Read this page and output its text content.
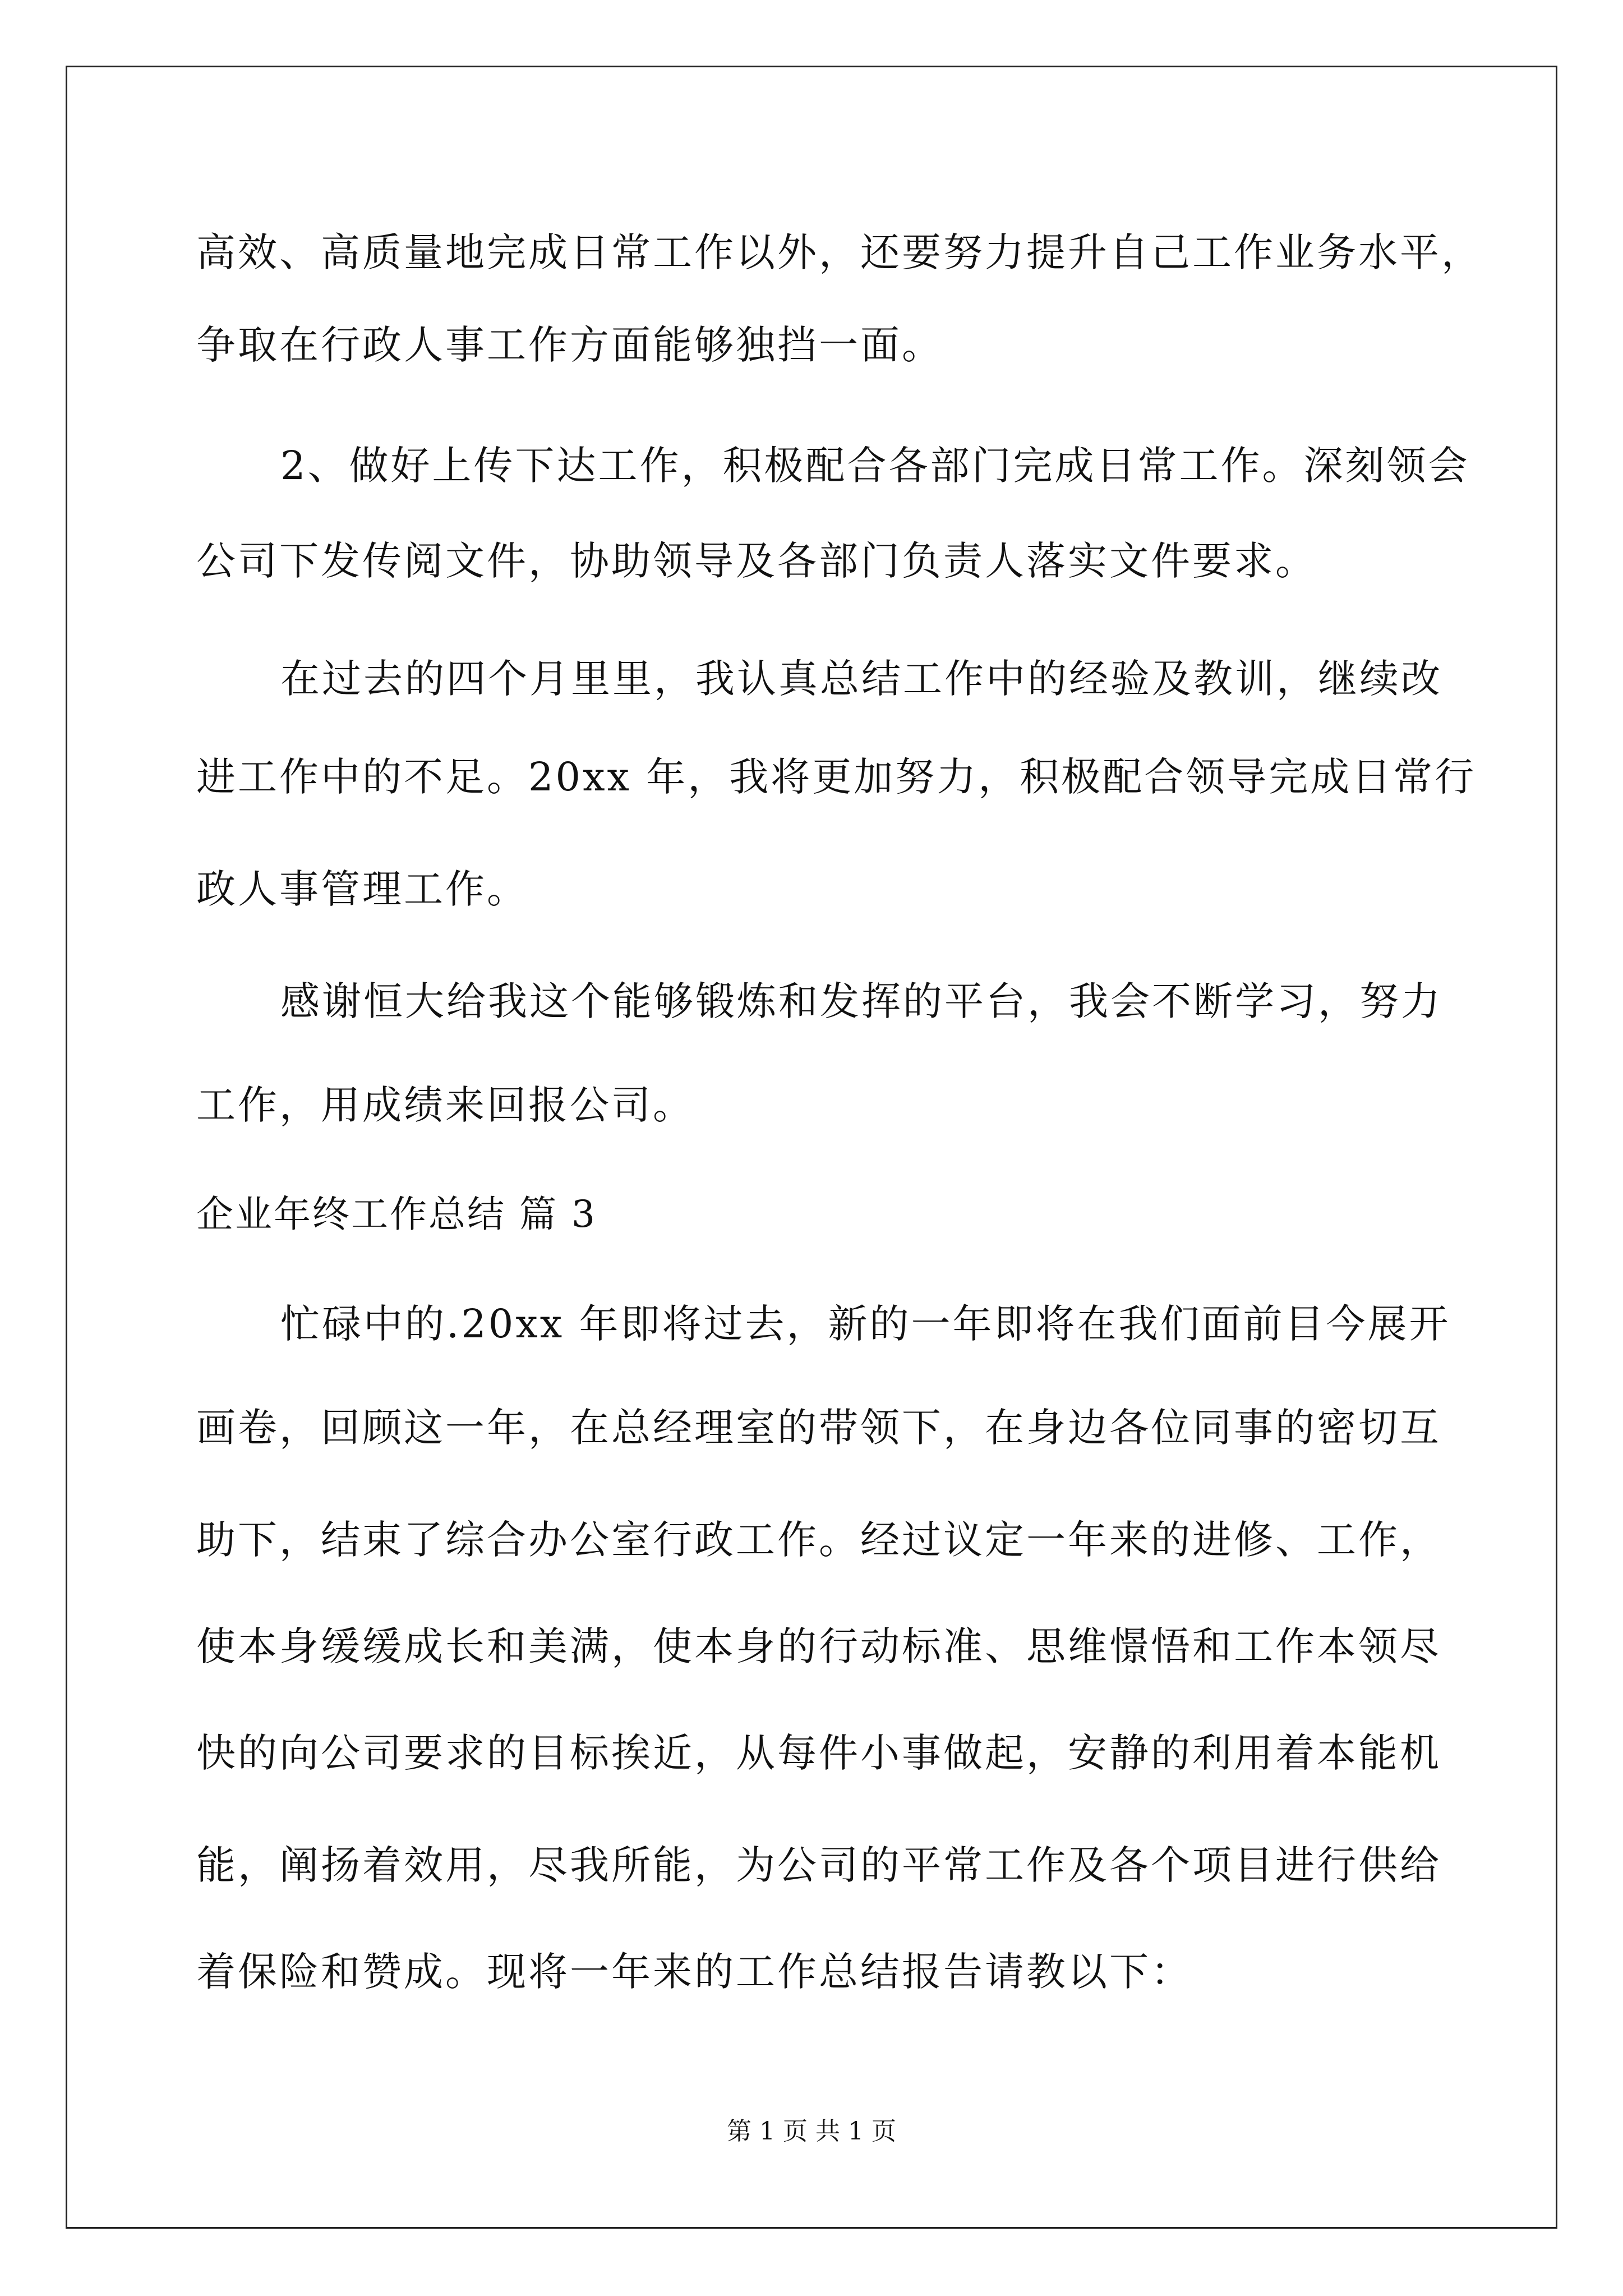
高效、高质量地完成日常工作以外，还要努力提升自己工作业务水平，
争取在行政人事工作方面能够独挡一面。
2、做好上传下达工作，积极配合各部门完成日常工作。深刻领会
公司下发传阅文件，协助领导及各部门负责人落实文件要求。
在过去的四个月里里，我认真总结工作中的经验及教训，继续改
进工作中的不足。20xx 年，我将更加努力，积极配合领导完成日常行
政人事管理工作。
感谢恒大给我这个能够锻炼和发挥的平台，我会不断学习，努力
工作，用成绩来回报公司。
企业年终工作总结 篇 3
忙碌中的.20xx 年即将过去，新的一年即将在我们面前目今展开
画卷，回顾这一年，在总经理室的带领下，在身边各位同事的密切互
助下，结束了综合办公室行政工作。经过议定一年来的进修、工作，
使本身缓缓成长和美满，使本身的行动标准、思维憬悟和工作本领尽
快的向公司要求的目标挨近，从每件小事做起，安静的利用着本能机
能，阐扬着效用，尽我所能，为公司的平常工作及各个项目进行供给
着保险和赞成。现将一年来的工作总结报告请教以下：
第 1 页 共 1 页
